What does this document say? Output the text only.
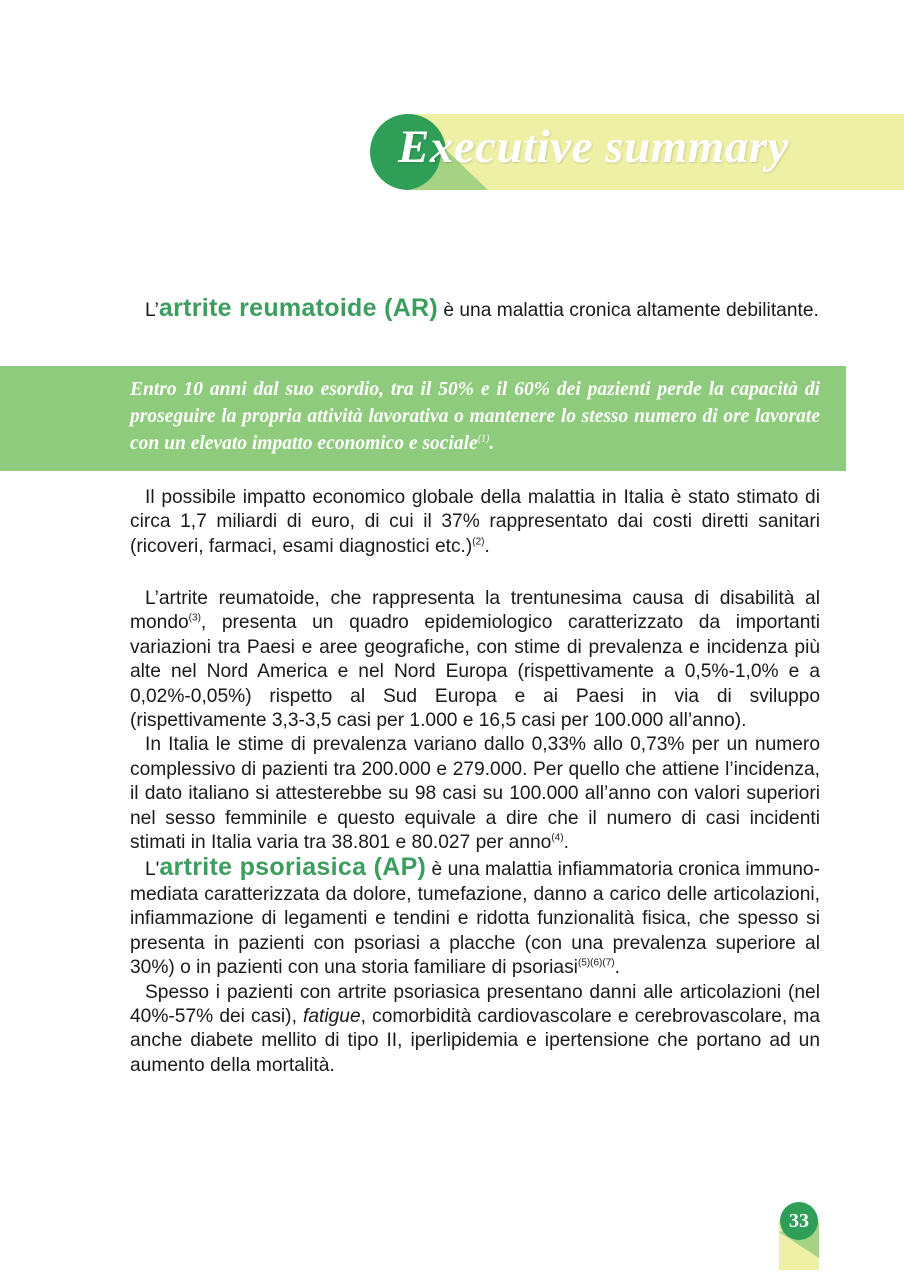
Executive summary

L’artrite reumatoide (AR) è una malattia cronica altamente debilitante.

Entro 10 anni dal suo esordio, tra il 50% e il 60% dei pazienti perde la capacità di proseguire la propria attività lavorativa o mantenere lo stesso numero di ore lavorate con un elevato impatto economico e sociale$^{(1)}$.

Il possibile impatto economico globale della malattia in Italia è stato stimato di circa 1,7 miliardi di euro, di cui il 37% rappresentato dai costi diretti sanitari (ricoveri, farmaci, esami diagnostici etc.)$^{(2)}$.

L’artrite reumatoide, che rappresenta la trentunesima causa di disabilità al mondo$^{(3)}$, presenta un quadro epidemiologico caratterizzato da importanti variazioni tra Paesi e aree geografiche, con stime di prevalenza e incidenza più alte nel Nord America e nel Nord Europa (rispettivamente a 0,5%-1,0% e a 0,02%-0,05%) rispetto al Sud Europa e ai Paesi in via di sviluppo (rispettivamente 3,3-3,5 casi per 1.000 e 16,5 casi per 100.000 all’anno).

In Italia le stime di prevalenza variano dallo 0,33% allo 0,73% per un numero complessivo di pazienti tra 200.000 e 279.000. Per quello che attiene l’incidenza, il dato italiano si attesterebbe su 98 casi su 100.000 all’anno con valori superiori nel sesso femminile e questo equivale a dire che il numero di casi incidenti stimati in Italia varia tra 38.801 e 80.027 per anno$^{(4)}$.

L'artrite psoriasica (AP) è una malattia infiammatoria cronica immuno-mediata caratterizzata da dolore, tumefazione, danno a carico delle articolazioni, infiammazione di legamenti e tendini e ridotta funzionalità fisica, che spesso si presenta in pazienti con psoriasi a placche (con una prevalenza superiore al 30%) o in pazienti con una storia familiare di psoriasi$^{(5)(6)(7)}$.

Spesso i pazienti con artrite psoriasica presentano danni alle articolazioni (nel 40%-57% dei casi), fatigue, comorbidità cardiovascolare e cerebrovascolare, ma anche diabete mellito di tipo II, iperlipidemia e ipertensione che portano ad un aumento della mortalità.

33
